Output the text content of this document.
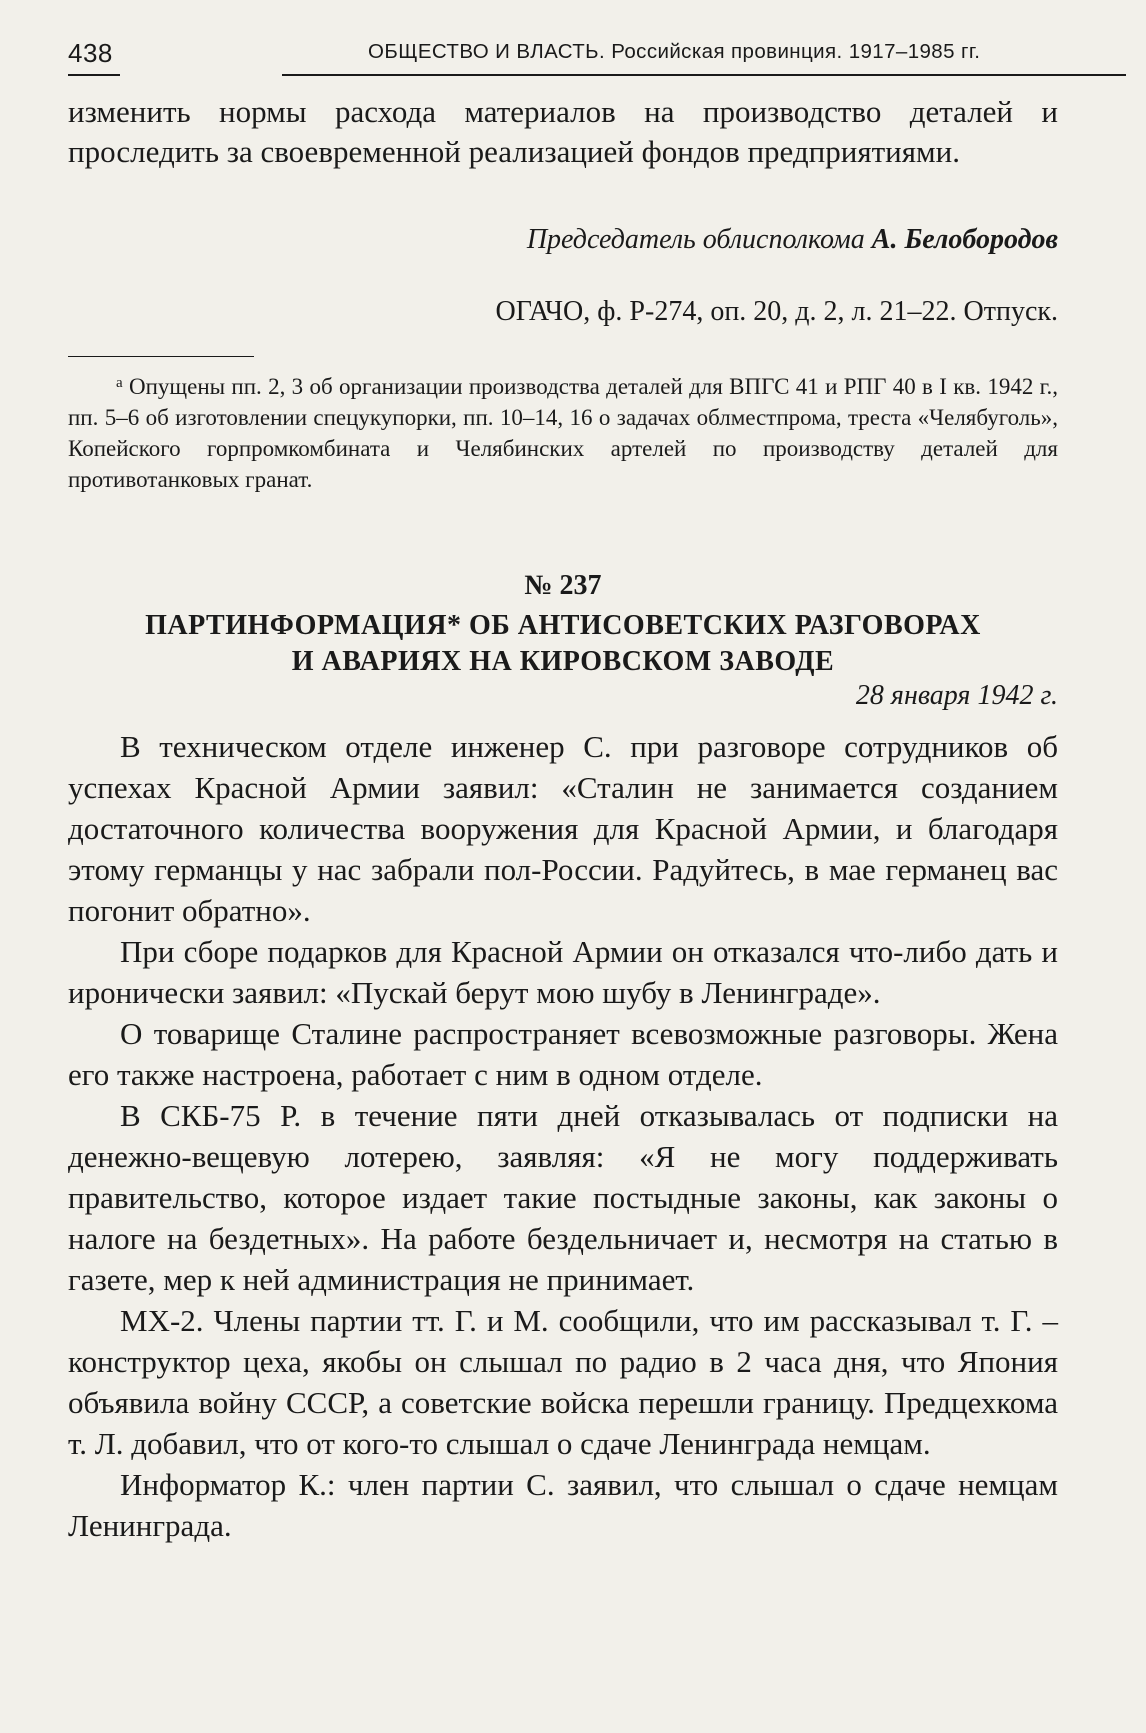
438	ОБЩЕСТВО И ВЛАСТЬ. Российская провинция. 1917–1985 гг.

изменить нормы расхода материалов на производство деталей и проследить за своевременной реализацией фондов предприятиями.

Председатель облисполкома А. Белобородов
ОГАЧО, ф. Р-274, оп. 20, д. 2, л. 21–22. Отпуск.

$^а$ Опущены пп. 2, 3 об организации производства деталей для ВПГС 41 и РПГ 40 в I кв. 1942 г., пп. 5–6 об изготовлении спецукупорки, пп. 10–14, 16 о задачах облместпрома, треста «Челябуголь», Копейского горпромкомбината и Челябинских артелей по производству деталей для противотанковых гранат.

№ 237
ПАРТИНФОРМАЦИЯ* ОБ АНТИСОВЕТСКИХ РАЗГОВОРАХ
И АВАРИЯХ НА КИРОВСКОМ ЗАВОДЕ
28 января 1942 г.

В техническом отделе инженер С. при разговоре сотрудников об успехах Красной Армии заявил: «Сталин не занимается созданием достаточного количества вооружения для Красной Армии, и благодаря этому германцы у нас забрали пол-России. Радуйтесь, в мае германец вас погонит обратно».

При сборе подарков для Красной Армии он отказался что-либо дать и иронически заявил: «Пускай берут мою шубу в Ленинграде».

О товарище Сталине распространяет всевозможные разговоры. Жена его также настроена, работает с ним в одном отделе.

В СКБ-75 Р. в течение пяти дней отказывалась от подписки на денежно-вещевую лотерею, заявляя: «Я не могу поддерживать правительство, которое издает такие постыдные законы, как законы о налоге на бездетных». На работе бездельничает и, несмотря на статью в газете, мер к ней администрация не принимает.

МХ-2. Члены партии тт. Г. и М. сообщили, что им рассказывал т. Г. – конструктор цеха, якобы он слышал по радио в 2 часа дня, что Япония объявила войну СССР, а советские войска перешли границу. Предцехкома т. Л. добавил, что от кого-то слышал о сдаче Ленинграда немцам.

Информатор К.: член партии С. заявил, что слышал о сдаче немцам Ленинграда.
